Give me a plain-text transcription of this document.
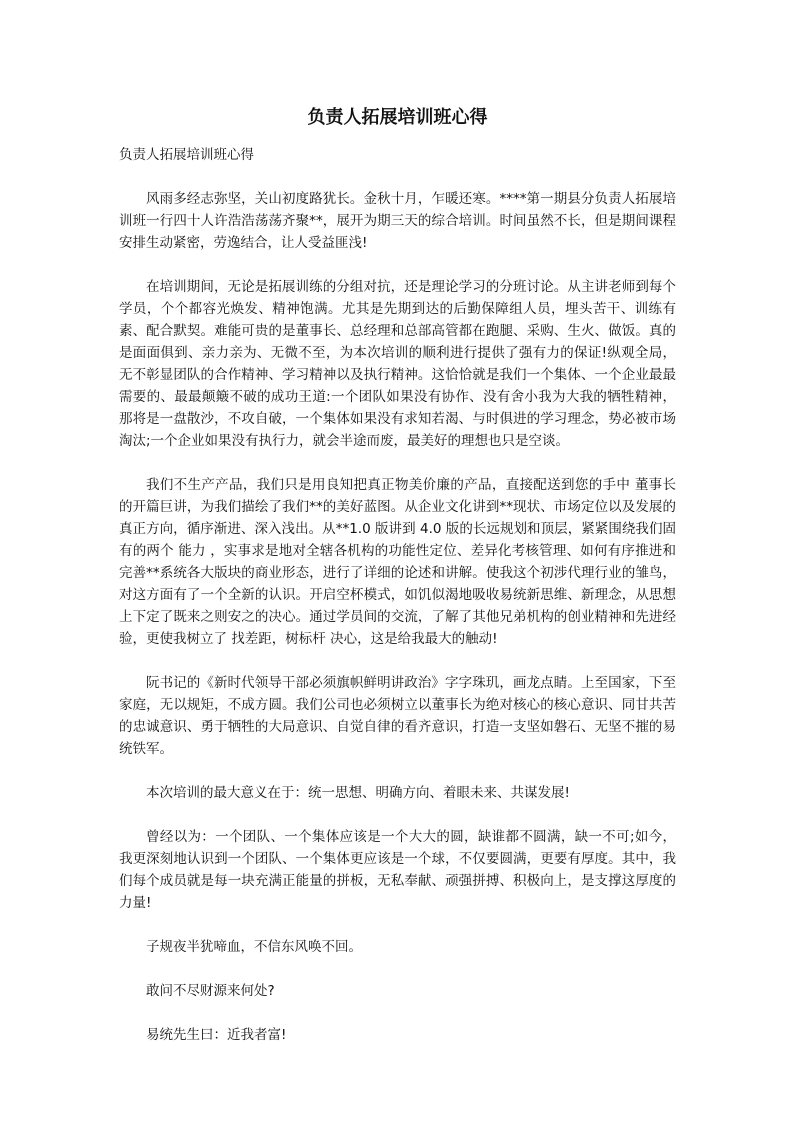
负责人拓展培训班心得
负责人拓展培训班心得

风雨多经志弥坚，关山初度路犹长。金秋十月，乍暖还寒。****第一期县分负责人拓展培训班一行四十人许浩浩荡荡齐聚**，展开为期三天的综合培训。时间虽然不长，但是期间课程安排生动紧密，劳逸结合，让人受益匪浅!

在培训期间，无论是拓展训练的分组对抗，还是理论学习的分班讨论。从主讲老师到每个学员，个个都容光焕发、精神饱满。尤其是先期到达的后勤保障组人员，埋头苦干、训练有素、配合默契。难能可贵的是董事长、总经理和总部高管都在跑腿、采购、生火、做饭。真的是面面俱到、亲力亲为、无微不至，为本次培训的顺利进行提供了强有力的保证!纵观全局，无不彰显团队的合作精神、学习精神以及执行精神。这恰恰就是我们一个集体、一个企业最最需要的、最最颠簸不破的成功王道:一个团队如果没有协作、没有舍小我为大我的牺牲精神，那将是一盘散沙，不攻自破，一个集体如果没有求知若渴、与时俱进的学习理念，势必被市场淘汰;一个企业如果没有执行力，就会半途而废，最美好的理想也只是空谈。

我们不生产产品，我们只是用良知把真正物美价廉的产品，直接配送到您的手中 董事长的开篇巨讲，为我们描绘了我们**的美好蓝图。从企业文化讲到**现状、市场定位以及发展的真正方向，循序渐进、深入浅出。从**1.0 版讲到 4.0 版的长远规划和顶层，紧紧围绕我们固有的两个 能力 ，实事求是地对全辖各机构的功能性定位、差异化考核管理、如何有序推进和完善**系统各大版块的商业形态，进行了详细的论述和讲解。使我这个初涉代理行业的雏鸟，对这方面有了一个全新的认识。开启空杯模式，如饥似渴地吸收易统新思维、新理念，从思想上下定了既来之则安之的决心。通过学员间的交流，了解了其他兄弟机构的创业精神和先进经验，更使我树立了 找差距，树标杆 决心，这是给我最大的触动!

阮书记的《新时代领导干部必须旗帜鲜明讲政治》字字珠玑，画龙点睛。上至国家，下至家庭，无以规矩，不成方圆。我们公司也必须树立以董事长为绝对核心的核心意识、同甘共苦的忠诚意识、勇于牺牲的大局意识、自觉自律的看齐意识，打造一支坚如磐石、无坚不摧的易统铁军。

本次培训的最大意义在于：统一思想、明确方向、着眼未来、共谋发展!

曾经以为：一个团队、一个集体应该是一个大大的圆，缺谁都不圆满，缺一不可;如今，我更深刻地认识到一个团队、一个集体更应该是一个球，不仅要圆满，更要有厚度。其中，我们每个成员就是每一块充满正能量的拼板，无私奉献、顽强拼搏、积极向上，是支撑这厚度的力量!

子规夜半犹啼血，不信东风唤不回。

敢问不尽财源来何处?

易统先生曰：近我者富!
